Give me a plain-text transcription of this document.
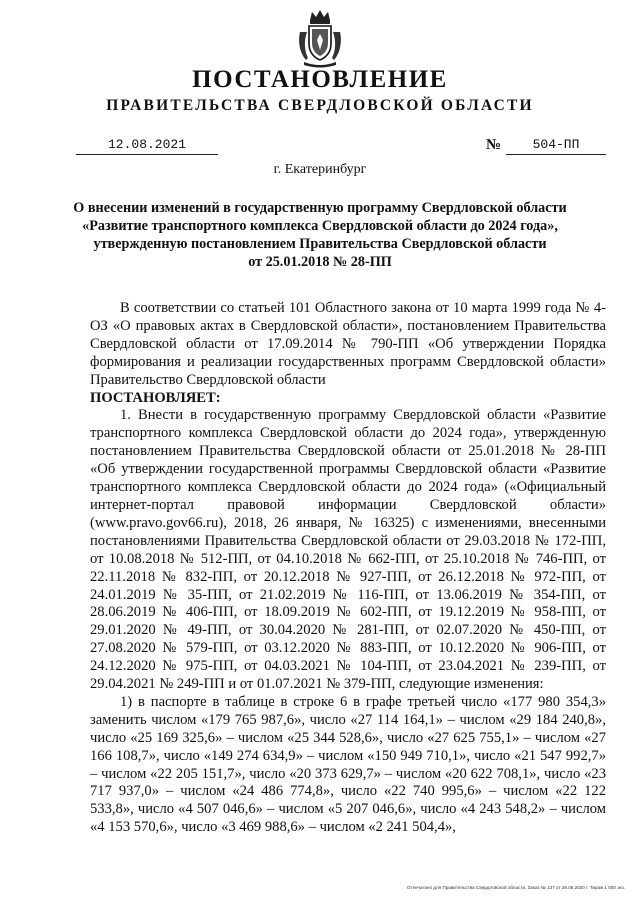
ПОСТАНОВЛЕНИЕ
ПРАВИТЕЛЬСТВА СВЕРДЛОВСКОЙ ОБЛАСТИ
12.08.2021	№	504-ПП
г. Екатеринбург
О внесении изменений в государственную программу Свердловской области
«Развитие транспортного комплекса Свердловской области до 2024 года»,
утвержденную постановлением Правительства Свердловской области
от 25.01.2018 № 28-ПП

В соответствии со статьей 101 Областного закона от 10 марта 1999 года № 4-ОЗ «О правовых актах в Свердловской области», постановлением Правительства Свердловской области от 17.09.2014 № 790-ПП «Об утверждении Порядка формирования и реализации государственных программ Свердловской области» Правительство Свердловской области

ПОСТАНОВЛЯЕТ:

1. Внести в государственную программу Свердловской области «Развитие транспортного комплекса Свердловской области до 2024 года», утвержденную постановлением Правительства Свердловской области от 25.01.2018 № 28-ПП «Об утверждении государственной программы Свердловской области «Развитие транспортного комплекса Свердловской области до 2024 года» («Официальный интернет-портал правовой информации Свердловской области» (www.pravo.gov66.ru), 2018, 26 января, № 16325) с изменениями, внесенными постановлениями Правительства Свердловской области от 29.03.2018 № 172-ПП, от 10.08.2018 № 512-ПП, от 04.10.2018 № 662-ПП, от 25.10.2018 № 746-ПП, от 22.11.2018 № 832-ПП, от 20.12.2018 № 927-ПП, от 26.12.2018 № 972-ПП, от 24.01.2019 № 35-ПП, от 21.02.2019 № 116-ПП, от 13.06.2019 № 354-ПП, от 28.06.2019 № 406-ПП, от 18.09.2019 № 602-ПП, от 19.12.2019 № 958-ПП, от 29.01.2020 № 49-ПП, от 30.04.2020 № 281-ПП, от 02.07.2020 № 450-ПП, от 27.08.2020 № 579-ПП, от 03.12.2020 № 883-ПП, от 10.12.2020 № 906-ПП, от 24.12.2020 № 975-ПП, от 04.03.2021 № 104-ПП, от 23.04.2021 № 239-ПП, от 29.04.2021 № 249-ПП и от 01.07.2021 № 379-ПП, следующие изменения:

1) в паспорте в таблице в строке 6 в графе третьей число «177 980 354,3» заменить числом «179 765 987,6», число «27 114 164,1» – числом «29 184 240,8», число «25 169 325,6» – числом «25 344 528,6», число «27 625 755,1» – числом «27 166 108,7», число «149 274 634,9» – числом «150 949 710,1», число «21 547 992,7» – числом «22 205 151,7», число «20 373 629,7» – числом «20 622 708,1», число «23 717 937,0» – числом «24 486 774,8», число «22 740 995,6» – числом «22 122 533,8», число «4 507 046,6» – числом «5 207 046,6», число «4 243 548,2» – числом «4 153 570,6», число «3 469 988,6» – числом «2 241 504,4»,

Отпечатано для Правительства Свердловской области. Заказ № 137 от 29.06.2020 г. Тираж 1 500 экз.
